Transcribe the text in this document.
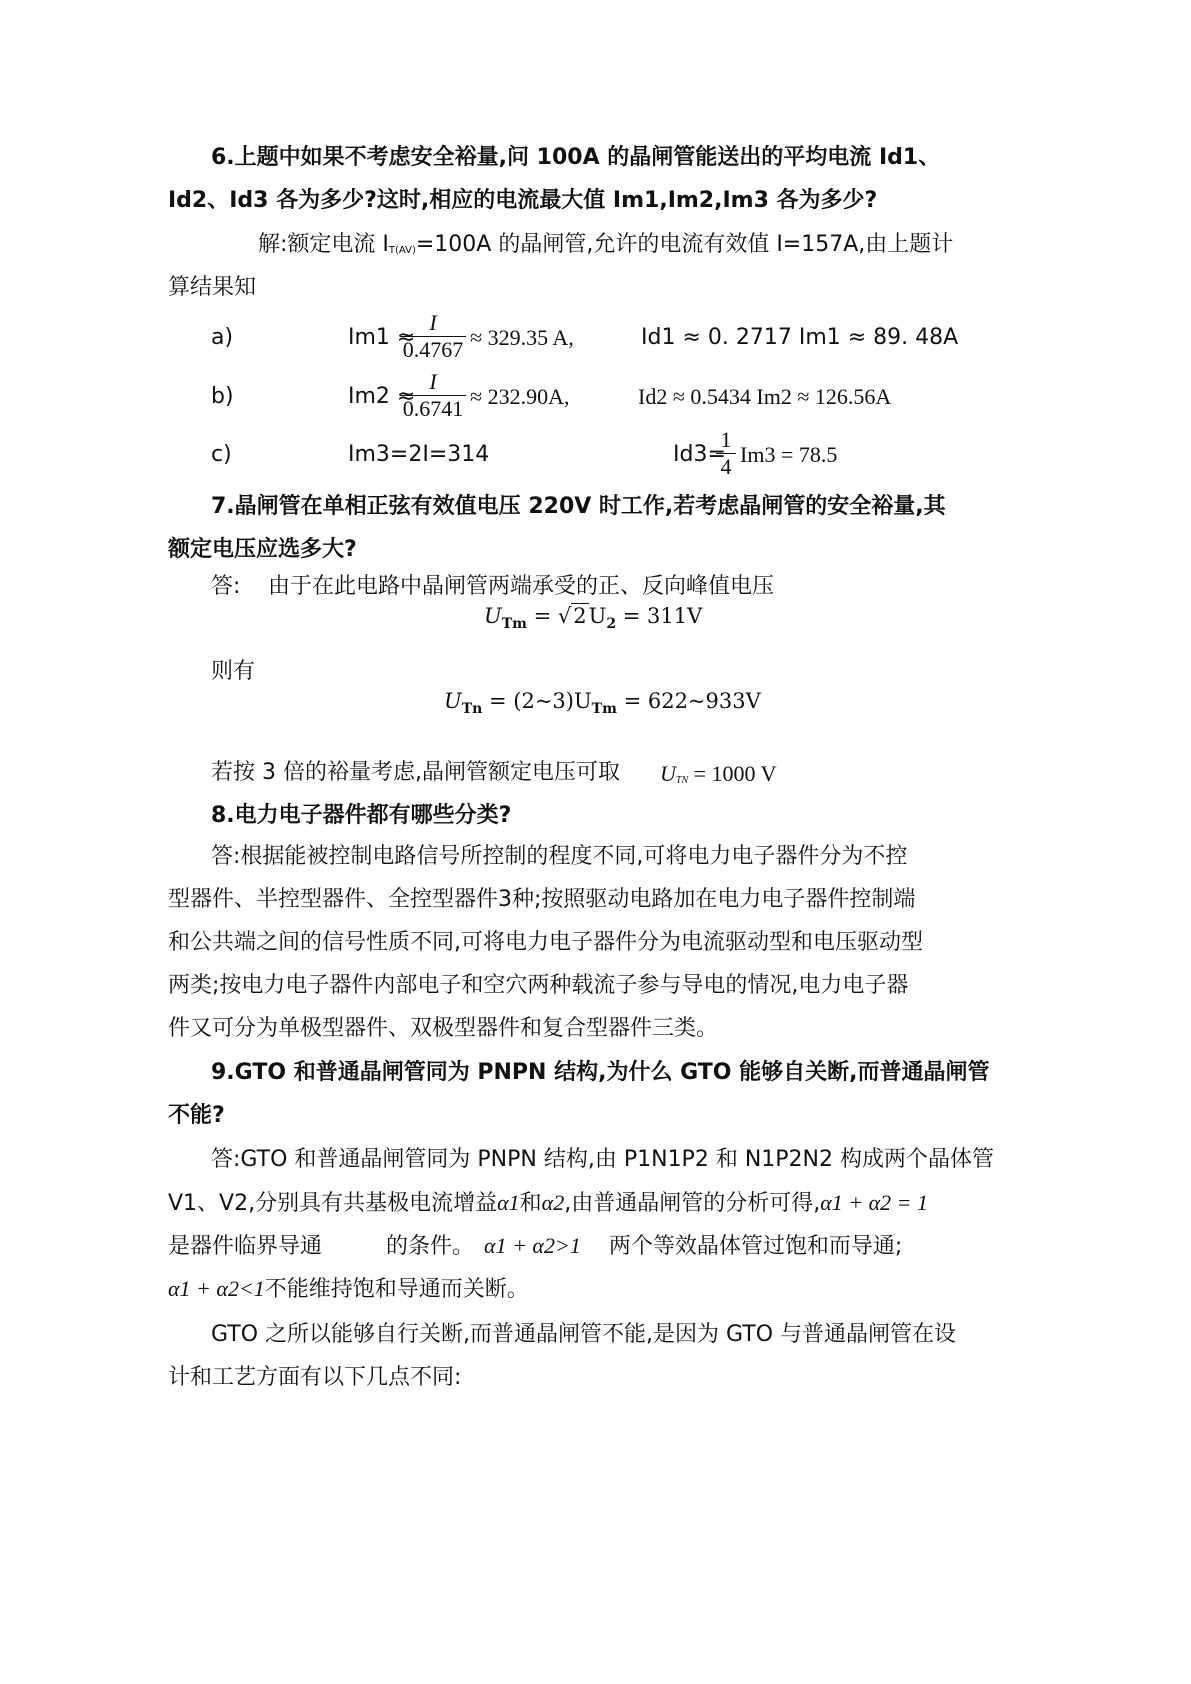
6.上题中如果不考虑安全裕量,问 100A 的晶闸管能送出的平均电流 Id1、
Id2、Id3 各为多少?这时,相应的电流最大值 Im1,Im2,Im3 各为多少?
解:额定电流 $I_{T(AV)}=100A$ 的晶闸管,允许的电流有效值 I=157A,由上题计
算结果知
a)	Im1 ≈
I
0.4767 ≈ 329.35 A,	Id1 ≈ 0. 2717 Im1 ≈ 89. 48A
b)	Im2 ≈
I
0.6741 ≈ 232.90A,	Id2 ≈ 0.5434 Im2 ≈ 126.56A
c)	Im3=2I=314	Id3=
1
4 Im3 = 78.5
7.晶闸管在单相正弦有效值电压 220V 时工作,若考虑晶闸管的安全裕量,其
额定电压应选多大?
答: 由于在此电路中晶闸管两端承受的正、反向峰值电压
$U_{Tm} = √2U_2 = 311V$
则有
$U_{Tn}$ = $(2\sim 3)U_{Tm}$ = 622~933V
若按 3 倍的裕量考虑,晶闸管额定电压可取 $U_{TN} = 1000$ V
8.电力电子器件都有哪些分类?
答:根据能被控制电路信号所控制的程度不同,可将电力电子器件分为不控
型器件、半控型器件、全控型器件3种;按照驱动电路加在电力电子器件控制端
和公共端之间的信号性质不同,可将电力电子器件分为电流驱动型和电压驱动型
两类;按电力电子器件内部电子和空穴两种载流子参与导电的情况,电力电子器
件又可分为单极型器件、双极型器件和复合型器件三类。
9.GTO 和普通晶闸管同为 PNPN 结构,为什么 GTO 能够自关断,而普通晶闸管
不能?
答:GTO 和普通晶闸管同为 PNPN 结构,由 P1N1P2 和 N1P2N2 构成两个晶体管
V1、V2,分别具有共基极电流增益α1和α2,由普通晶闸管的分析可得,α1 + α2 = 1
是器件临界导通	的条件。 α1 + α2>1 两个等效晶体管过饱和而导通;
α1 + α2<1不能维持饱和导通而关断。
GTO 之所以能够自行关断,而普通晶闸管不能,是因为 GTO 与普通晶闸管在设
计和工艺方面有以下几点不同:
